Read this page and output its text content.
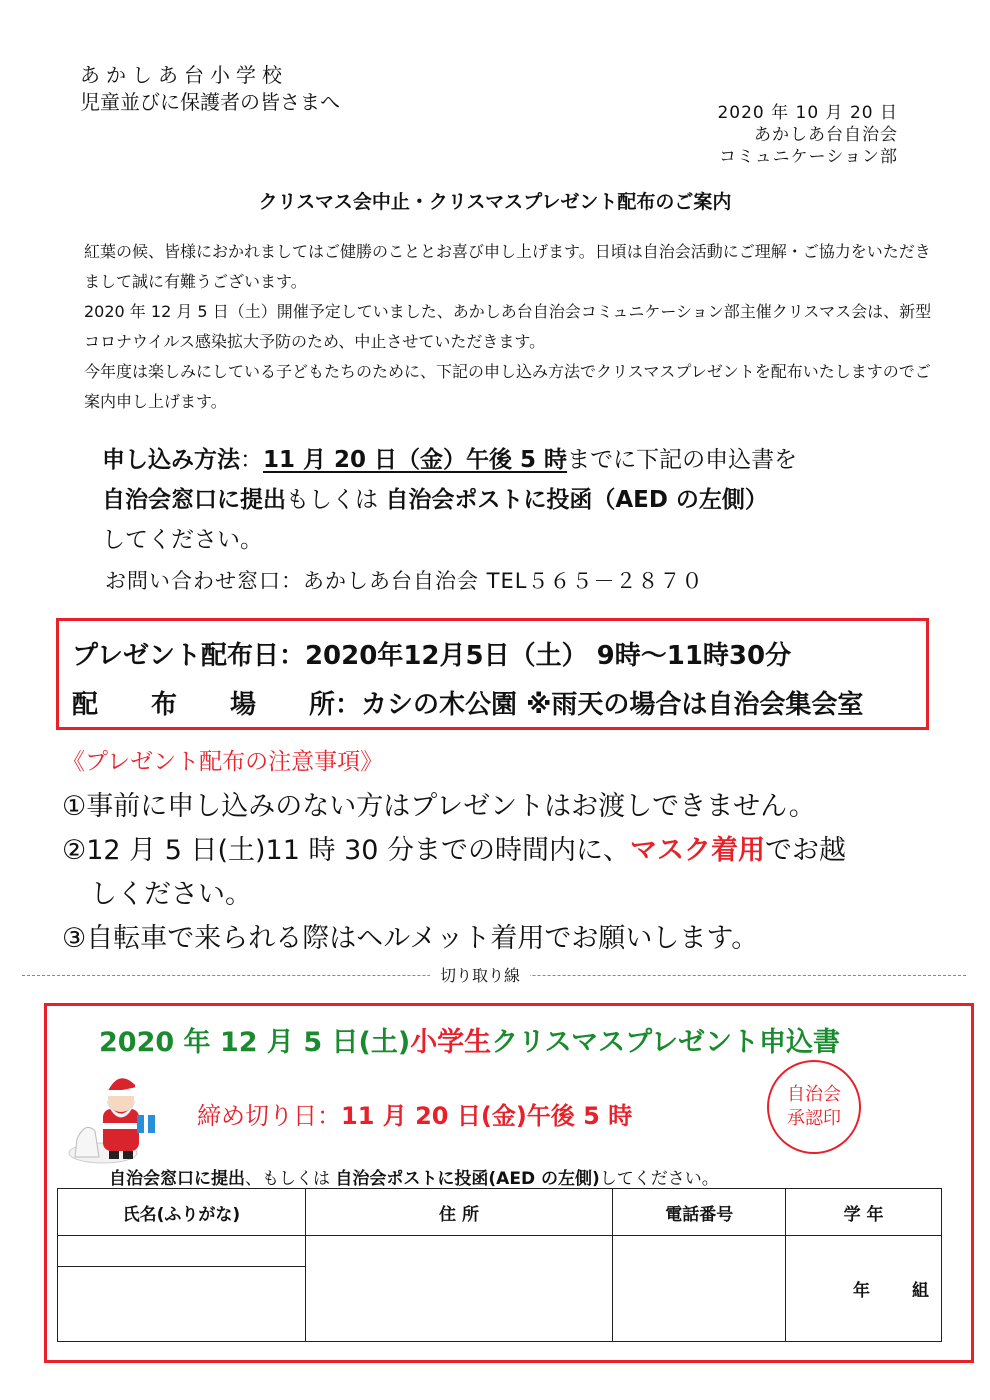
あかしあ台小学校
児童並びに保護者の皆さまへ	2020 年 10 月 20 日
あかしあ台自治会
コミュニケーション部
クリスマス会中止・クリスマスプレゼント配布のご案内

紅葉の候、皆様におかれましてはご健勝のこととお喜び申し上げます。日頃は自治会活動にご理解・ご協力をいただきまして誠に有難うございます。

2020 年 12 月 5 日（土）開催予定していました、あかしあ台自治会コミュニケーション部主催クリスマス会は、新型コロナウイルス感染拡大予防のため、中止させていただきます。

今年度は楽しみにしている子どもたちのために、下記の申し込み方法でクリスマスプレゼントを配布いたしますのでご案内申し上げます。

申し込み方法：11 月 20 日（金）午後 5 時までに下記の申込書を
自治会窓口に提出もしくは 自治会ポストに投函（AED の左側）
してください。
お問い合わせ窓口：あかしあ台自治会 TEL５６５－２８７０
プレゼント配布日：2020年12月5日（土） 9時～11時30分
配 布 場 所：カシの木公園 ※雨天の場合は自治会集会室
《プレゼント配布の注意事項》
①事前に申し込みのない方はプレゼントはお渡しできません。
②12 月 5 日(土)11 時 30 分までの時間内に、マスク着用でお越
しください。
③自転車で来られる際はヘルメット着用でお願いします。
切り取り線
2020 年 12 月 5 日(土)小学生クリスマスプレゼント申込書
締め切り日：11 月 20 日(金)午後 5 時
自治会
承認印
自治会窓口に提出、もしくは 自治会ポストに投函(AED の左側)してください。
氏名(ふりがな)	住 所	電話番号	学 年
			年 組
